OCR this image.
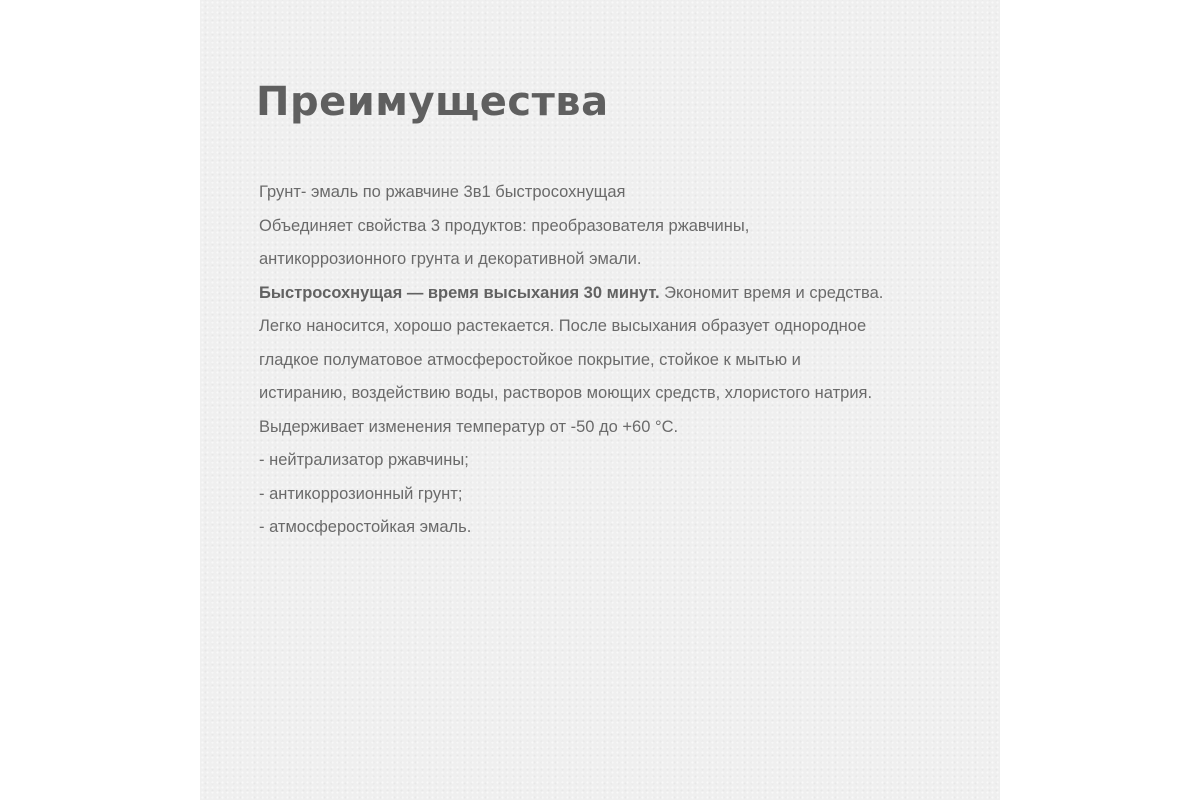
Преимущества
Грунт- эмаль по ржавчине 3в1 быстросохнущая
Объединяет свойства 3 продуктов: преобразователя ржавчины,
антикоррозионного грунта и декоративной эмали.
Быстросохнущая — время высыхания 30 минут. Экономит время и средства.
Легко наносится, хорошо растекается. После высыхания образует однородное
гладкое полуматовое атмосферостойкое покрытие, стойкое к мытью и
истиранию, воздействию воды, растворов моющих средств, хлористого натрия.
Выдерживает изменения температур от -50 до +60 °С.
- нейтрализатор ржавчины;
- антикоррозионный грунт;
- атмосферостойкая эмаль.
